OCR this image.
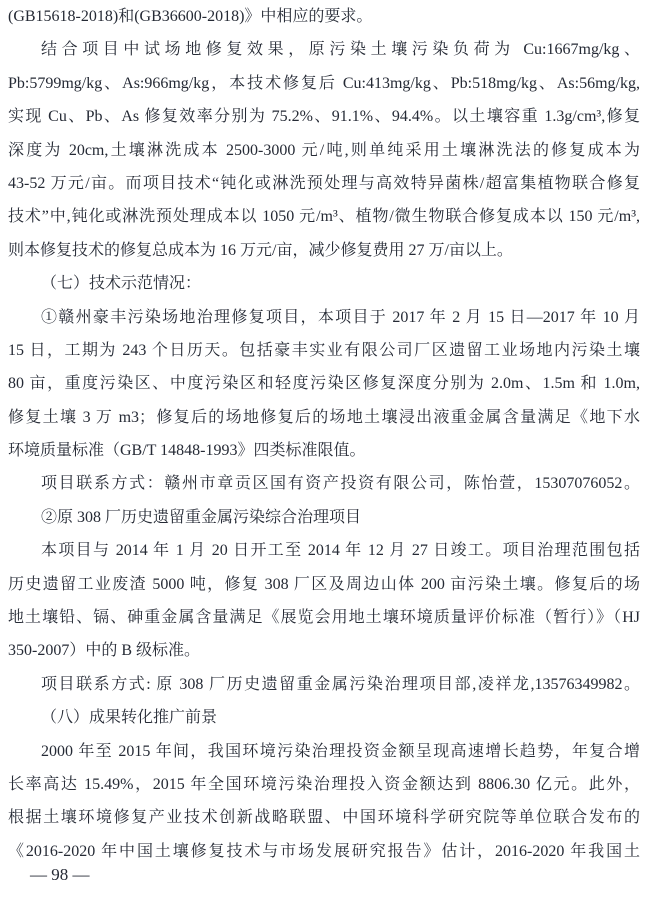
(GB15618-2018)和(GB36600-2018)》中相应的要求。
结合项目中试场地修复效果，原污染土壤污染负荷为 Cu:1667mg/kg、
Pb:5799mg/kg、As:966mg/kg，本技术修复后 Cu:413mg/kg、Pb:518mg/kg、As:56mg/kg,
实现 Cu、Pb、As 修复效率分别为 75.2%、91.1%、94.4%。以土壤容重 1.3g/cm³,修复
深度为 20cm,土壤淋洗成本 2500-3000 元/吨,则单纯采用土壤淋洗法的修复成本为
43-52 万元/亩。而项目技术“钝化或淋洗预处理与高效特异菌株/超富集植物联合修复
技术”中,钝化或淋洗预处理成本以 1050 元/m³、植物/微生物联合修复成本以 150 元/m³,
则本修复技术的修复总成本为 16 万元/亩，减少修复费用 27 万/亩以上。
（七）技术示范情况：
①赣州豪丰污染场地治理修复项目，本项目于 2017 年 2 月 15 日—2017 年 10 月
15 日，工期为 243 个日历天。包括豪丰实业有限公司厂区遗留工业场地内污染土壤
80 亩，重度污染区、中度污染区和轻度污染区修复深度分别为 2.0m、1.5m 和 1.0m,
修复土壤 3 万 m3；修复后的场地修复后的场地土壤浸出液重金属含量满足《地下水
环境质量标准（GB/T 14848-1993》四类标准限值。
项目联系方式：赣州市章贡区国有资产投资有限公司，陈怡萱，15307076052。
②原 308 厂历史遗留重金属污染综合治理项目
本项目与 2014 年 1 月 20 日开工至 2014 年 12 月 27 日竣工。项目治理范围包括
历史遗留工业废渣 5000 吨，修复 308 厂区及周边山体 200 亩污染土壤。修复后的场
地土壤铅、镉、砷重金属含量满足《展览会用地土壤环境质量评价标准（暂行）》（HJ
350-2007）中的 B 级标准。
项目联系方式: 原 308 厂历史遗留重金属污染治理项目部,凌祥龙,13576349982。
（八）成果转化推广前景
2000 年至 2015 年间，我国环境污染治理投资金额呈现高速增长趋势，年复合增
长率高达 15.49%，2015 年全国环境污染治理投入资金额达到 8806.30 亿元。此外，
根据土壤环境修复产业技术创新战略联盟、中国环境科学研究院等单位联合发布的
《2016-2020 年中国土壤修复技术与市场发展研究报告》估计，2016-2020 年我国土
— 98 —
